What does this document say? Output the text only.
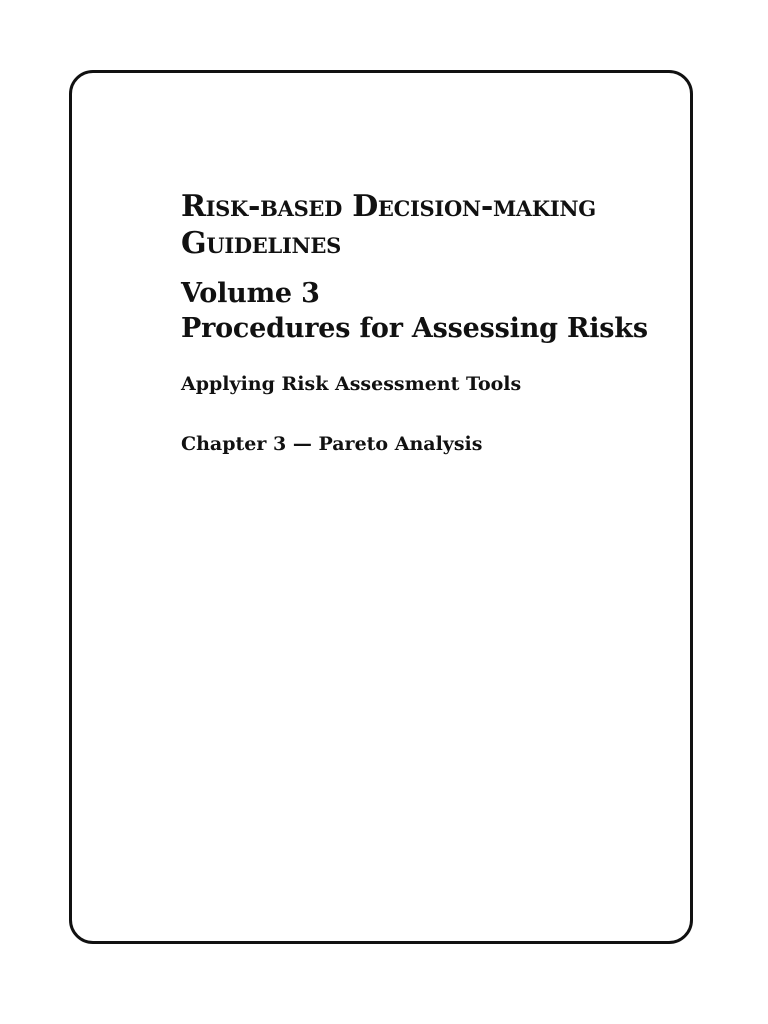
Risk-based Decision-making
Guidelines
Volume 3
Procedures for Assessing Risks

Applying Risk Assessment Tools

Chapter 3 — Pareto Analysis
